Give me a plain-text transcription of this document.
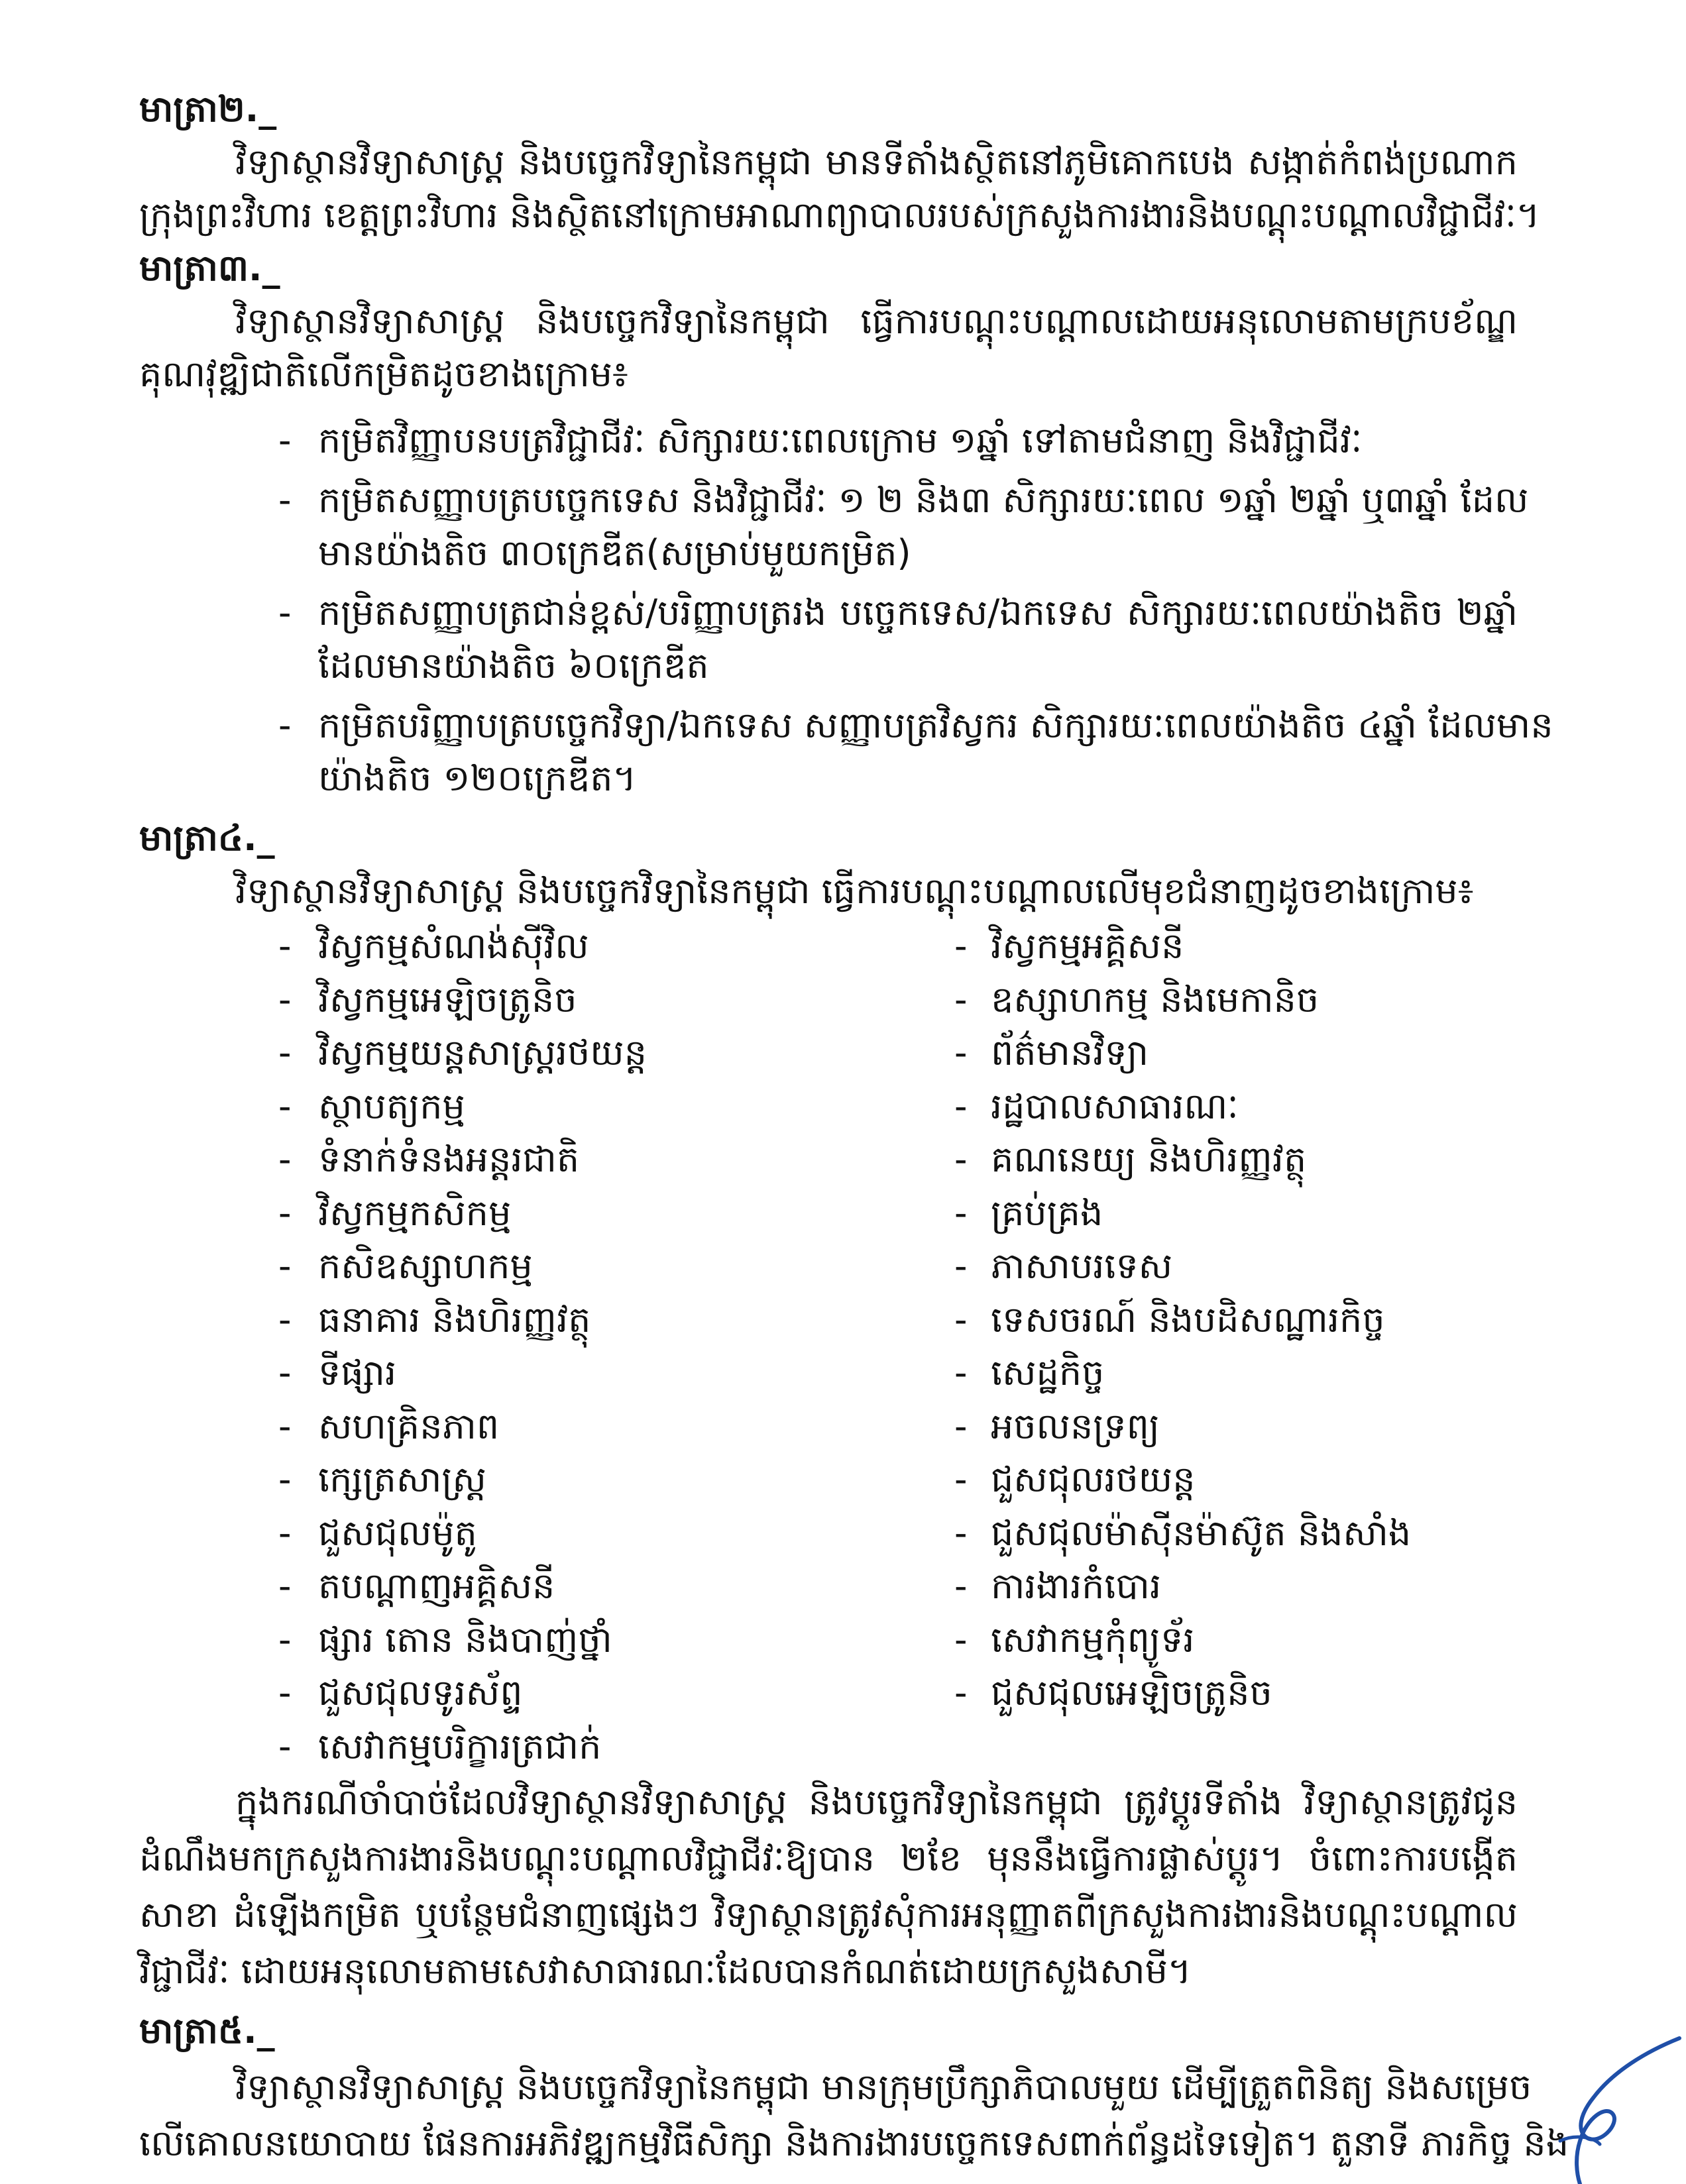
មាត្រា២._
វិទ្យាស្ថានវិទ្យាសាស្ត្រ និងបច្ចេកវិទ្យានៃកម្ពុជា មានទីតាំងស្ថិតនៅភូមិគោកបេង សង្កាត់កំពង់ប្រណាក
ក្រុងព្រះវិហារ ខេត្តព្រះវិហារ និងស្ថិតនៅក្រោមអាណាព្យាបាលរបស់ក្រសួងការងារនិងបណ្តុះបណ្តាលវិជ្ជាជីវៈ។
មាត្រា៣._
វិទ្យាស្ថានវិទ្យាសាស្ត្រ និងបច្ចេកវិទ្យានៃកម្ពុជា ធ្វើការបណ្តុះបណ្តាលដោយអនុលោមតាមក្របខ័ណ្ឌ
គុណវុឌ្ឍិជាតិលើកម្រិតដូចខាងក្រោម៖
- កម្រិតវិញ្ញាបនបត្រវិជ្ជាជីវៈ សិក្សារយៈពេលក្រោម ១ឆ្នាំ ទៅតាមជំនាញ និងវិជ្ជាជីវៈ
- កម្រិតសញ្ញាបត្របច្ចេកទេស និងវិជ្ជាជីវៈ ១ ២ និង៣ សិក្សារយៈពេល ១ឆ្នាំ ២ឆ្នាំ ឬ៣ឆ្នាំ ដែល
មានយ៉ាងតិច ៣០ក្រេឌីត(សម្រាប់មួយកម្រិត)
- កម្រិតសញ្ញាបត្រជាន់ខ្ពស់/បរិញ្ញាបត្ររង បច្ចេកទេស/ឯកទេស សិក្សារយៈពេលយ៉ាងតិច ២ឆ្នាំ
ដែលមានយ៉ាងតិច ៦០ក្រេឌីត
- កម្រិតបរិញ្ញាបត្របច្ចេកវិទ្យា/ឯកទេស សញ្ញាបត្រវិស្វករ សិក្សារយៈពេលយ៉ាងតិច ៤ឆ្នាំ ដែលមាន
យ៉ាងតិច ១២០ក្រេឌីត។
មាត្រា៤._
វិទ្យាស្ថានវិទ្យាសាស្ត្រ និងបច្ចេកវិទ្យានៃកម្ពុជា ធ្វើការបណ្តុះបណ្តាលលើមុខជំនាញដូចខាងក្រោម៖
ក្នុងករណីចាំបាច់ដែលវិទ្យាស្ថានវិទ្យាសាស្ត្រ និងបច្ចេកវិទ្យានៃកម្ពុជា ត្រូវប្តូរទីតាំង វិទ្យាស្ថានត្រូវជូន
ដំណឹងមកក្រសួងការងារនិងបណ្តុះបណ្តាលវិជ្ជាជីវៈឱ្យបាន ២ខែ មុននឹងធ្វើការផ្លាស់ប្តូរ។ ចំពោះការបង្កើត
សាខា ដំឡើងកម្រិត ឬបន្ថែមជំនាញផ្សេងៗ វិទ្យាស្ថានត្រូវសុំការអនុញ្ញាតពីក្រសួងការងារនិងបណ្តុះបណ្តាល
វិជ្ជាជីវៈ ដោយអនុលោមតាមសេវាសាធារណៈដែលបានកំណត់ដោយក្រសួងសាមី។
មាត្រា៥._
វិទ្យាស្ថានវិទ្យាសាស្ត្រ និងបច្ចេកវិទ្យានៃកម្ពុជា មានក្រុមប្រឹក្សាភិបាលមួយ ដើម្បីត្រួតពិនិត្យ និងសម្រេច
លើគោលនយោបាយ ផែនការអភិវឌ្ឍកម្មវិធីសិក្សា និងការងារបច្ចេកទេសពាក់ព័ន្ធដទៃទៀត។ តួនាទី ភារកិច្ច និង
- វិស្វកម្មសំណង់ស៊ីវិល
- វិស្វកម្មអេឡិចត្រូនិច
- វិស្វកម្មយន្តសាស្ត្ររថយន្ត
- ស្ថាបត្យកម្ម
- ទំនាក់ទំនងអន្តរជាតិ
- វិស្វកម្មកសិកម្ម
- កសិឧស្សាហកម្ម
- ធនាគារ និងហិរញ្ញវត្ថុ
- ទីផ្សារ
- សហគ្រិនភាព
- ក្សេត្រសាស្ត្រ
- ជួសជុលម៉ូតូ
- តបណ្តាញអគ្គិសនី
- ផ្សារ តោន និងបាញ់ថ្នាំ
- ជួសជុលទូរស័ព្ទ
- សេវាកម្មបរិក្ខារត្រជាក់
- វិស្វកម្មអគ្គិសនី
- ឧស្សាហកម្ម និងមេកានិច
- ព័ត៌មានវិទ្យា
- រដ្ឋបាលសាធារណៈ
- គណនេយ្យ និងហិរញ្ញវត្ថុ
- គ្រប់គ្រង
- ភាសាបរទេស
- ទេសចរណ៍ និងបដិសណ្ឋារកិច្ច
- សេដ្ឋកិច្ច
- អចលនទ្រព្យ
- ជួសជុលរថយន្ត
- ជួសជុលម៉ាស៊ីនម៉ាស៊ូត និងសាំង
- ការងារកំបោរ
- សេវាកម្មកុំព្យូទ័រ
- ជួសជុលអេឡិចត្រូនិច
